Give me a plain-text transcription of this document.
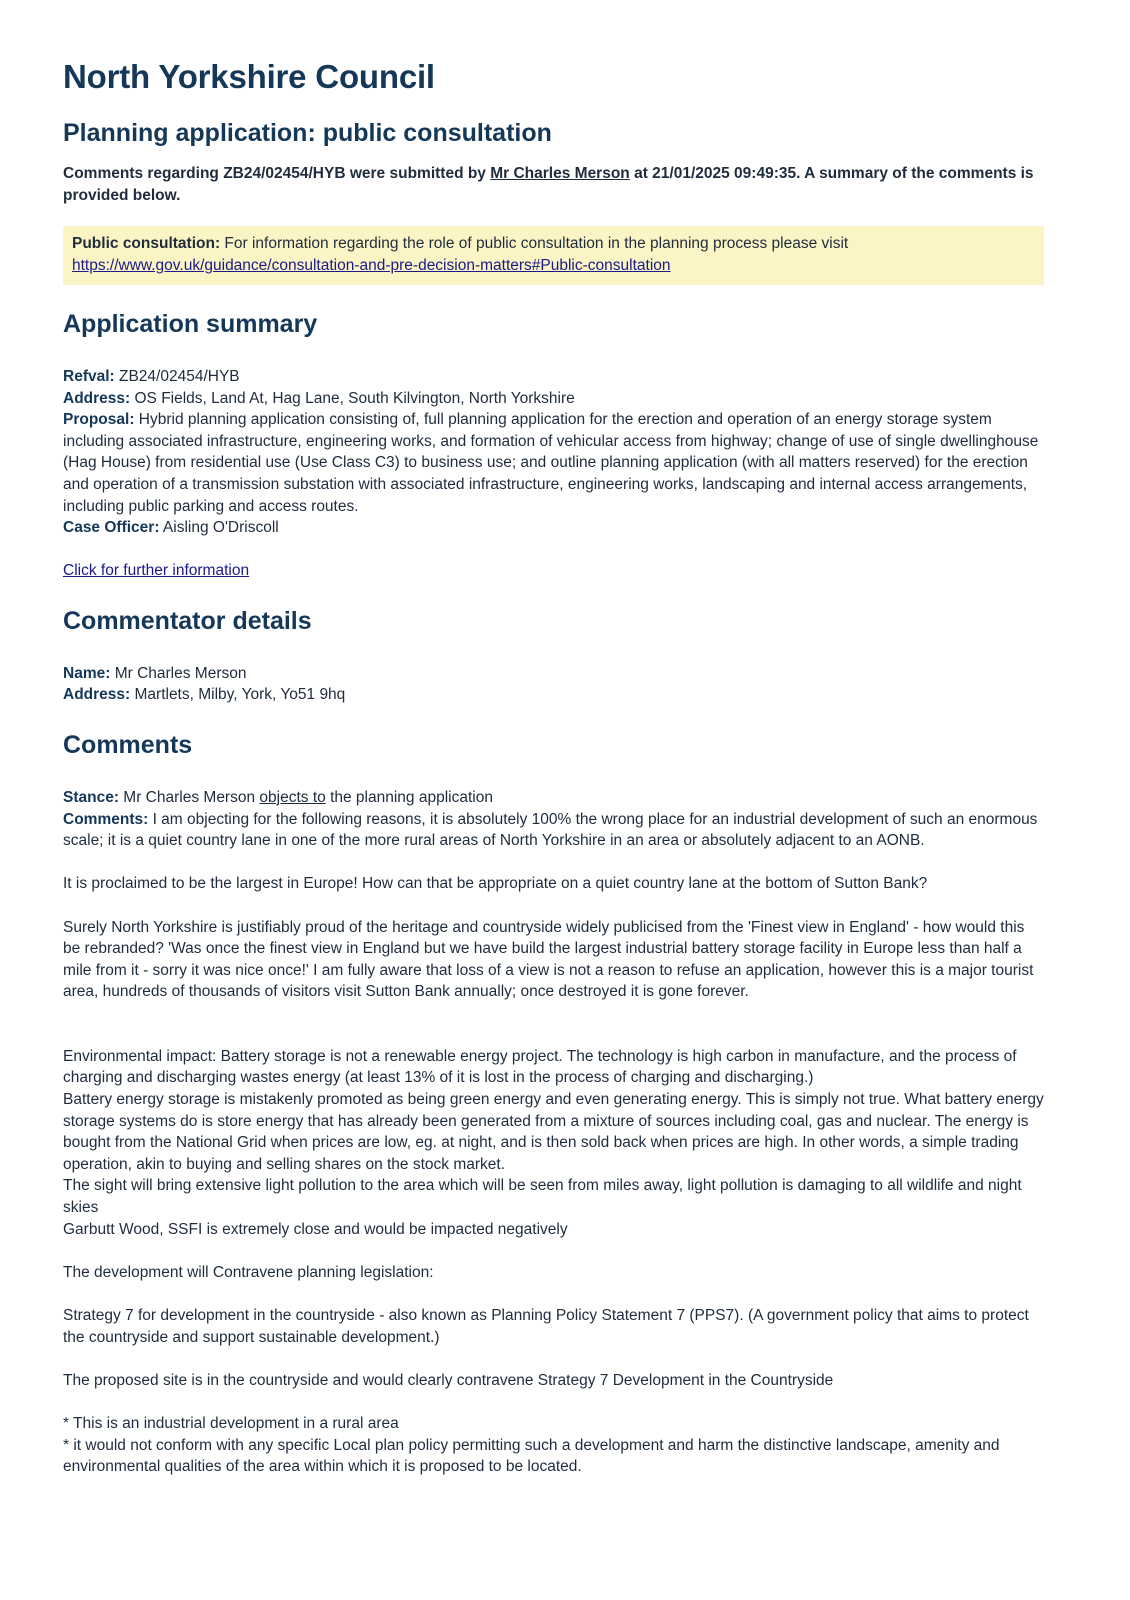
North Yorkshire Council
Planning application: public consultation
Comments regarding ZB24/02454/HYB were submitted by Mr Charles Merson at 21/01/2025 09:49:35. A summary of the comments is provided below.
Public consultation: For information regarding the role of public consultation in the planning process please visit
https://www.gov.uk/guidance/consultation-and-pre-decision-matters#Public-consultation
Application summary
Refval: ZB24/02454/HYB
Address: OS Fields, Land At, Hag Lane, South Kilvington, North Yorkshire
Proposal: Hybrid planning application consisting of, full planning application for the erection and operation of an energy storage system including associated infrastructure, engineering works, and formation of vehicular access from highway; change of use of single dwellinghouse (Hag House) from residential use (Use Class C3) to business use; and outline planning application (with all matters reserved) for the erection and operation of a transmission substation with associated infrastructure, engineering works, landscaping and internal access arrangements, including public parking and access routes.
Case Officer: Aisling O'Driscoll
Click for further information
Commentator details
Name: Mr Charles Merson
Address: Martlets, Milby, York, Yo51 9hq
Comments

Stance: Mr Charles Merson objects to the planning application

Comments: I am objecting for the following reasons, it is absolutely 100% the wrong place for an industrial development of such an enormous scale; it is a quiet country lane in one of the more rural areas of North Yorkshire in an area or absolutely adjacent to an AONB.

It is proclaimed to be the largest in Europe! How can that be appropriate on a quiet country lane at the bottom of Sutton Bank?

Surely North Yorkshire is justifiably proud of the heritage and countryside widely publicised from the 'Finest view in England' - how would this be rebranded? 'Was once the finest view in England but we have build the largest industrial battery storage facility in Europe less than half a mile from it - sorry it was nice once!' I am fully aware that loss of a view is not a reason to refuse an application, however this is a major tourist area, hundreds of thousands of visitors visit Sutton Bank annually; once destroyed it is gone forever.

Environmental impact: Battery storage is not a renewable energy project. The technology is high carbon in manufacture, and the process of charging and discharging wastes energy (at least 13% of it is lost in the process of charging and discharging.)

Battery energy storage is mistakenly promoted as being green energy and even generating energy. This is simply not true. What battery energy storage systems do is store energy that has already been generated from a mixture of sources including coal, gas and nuclear. The energy is bought from the National Grid when prices are low, eg. at night, and is then sold back when prices are high. In other words, a simple trading operation, akin to buying and selling shares on the stock market.

The sight will bring extensive light pollution to the area which will be seen from miles away, light pollution is damaging to all wildlife and night skies

Garbutt Wood, SSFI is extremely close and would be impacted negatively

The development will Contravene planning legislation:

Strategy 7 for development in the countryside - also known as Planning Policy Statement 7 (PPS7). (A government policy that aims to protect the countryside and support sustainable development.)

The proposed site is in the countryside and would clearly contravene Strategy 7 Development in the Countryside

* This is an industrial development in a rural area

* it would not conform with any specific Local plan policy permitting such a development and harm the distinctive landscape, amenity and environmental qualities of the area within which it is proposed to be located.
